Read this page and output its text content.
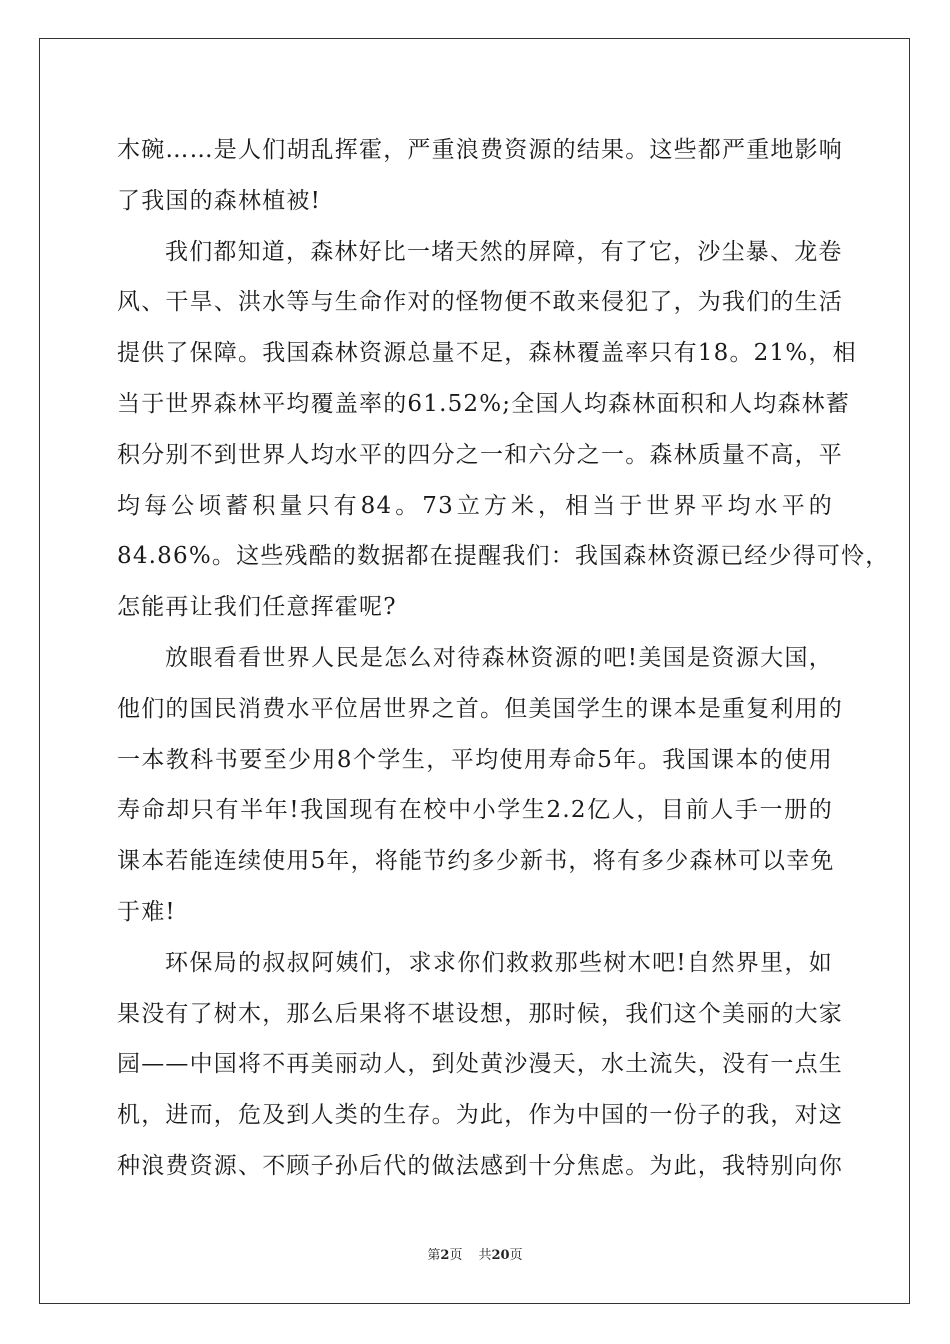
木碗……是人们胡乱挥霍，严重浪费资源的结果。这些都严重地影响
了我国的森林植被!
我们都知道，森林好比一堵天然的屏障，有了它，沙尘暴、龙卷
风、干旱、洪水等与生命作对的怪物便不敢来侵犯了，为我们的生活
提供了保障。我国森林资源总量不足，森林覆盖率只有18。21%，相
当于世界森林平均覆盖率的61.52%;全国人均森林面积和人均森林蓄
积分别不到世界人均水平的四分之一和六分之一。森林质量不高，平
均每公顷蓄积量只有84。73立方米，相当于世界平均水平的
84.86%。这些残酷的数据都在提醒我们：我国森林资源已经少得可怜，
怎能再让我们任意挥霍呢?
放眼看看世界人民是怎么对待森林资源的吧!美国是资源大国，
他们的国民消费水平位居世界之首。但美国学生的课本是重复利用的
一本教科书要至少用8个学生，平均使用寿命5年。我国课本的使用
寿命却只有半年!我国现有在校中小学生2.2亿人，目前人手一册的
课本若能连续使用5年，将能节约多少新书，将有多少森林可以幸免
于难!
环保局的叔叔阿姨们，求求你们救救那些树木吧!自然界里，如
果没有了树木，那么后果将不堪设想，那时候，我们这个美丽的大家
园——中国将不再美丽动人，到处黄沙漫天，水土流失，没有一点生
机，进而，危及到人类的生存。为此，作为中国的一份子的我，对这
种浪费资源、不顾子孙后代的做法感到十分焦虑。为此，我特别向你
第2页 共20页
